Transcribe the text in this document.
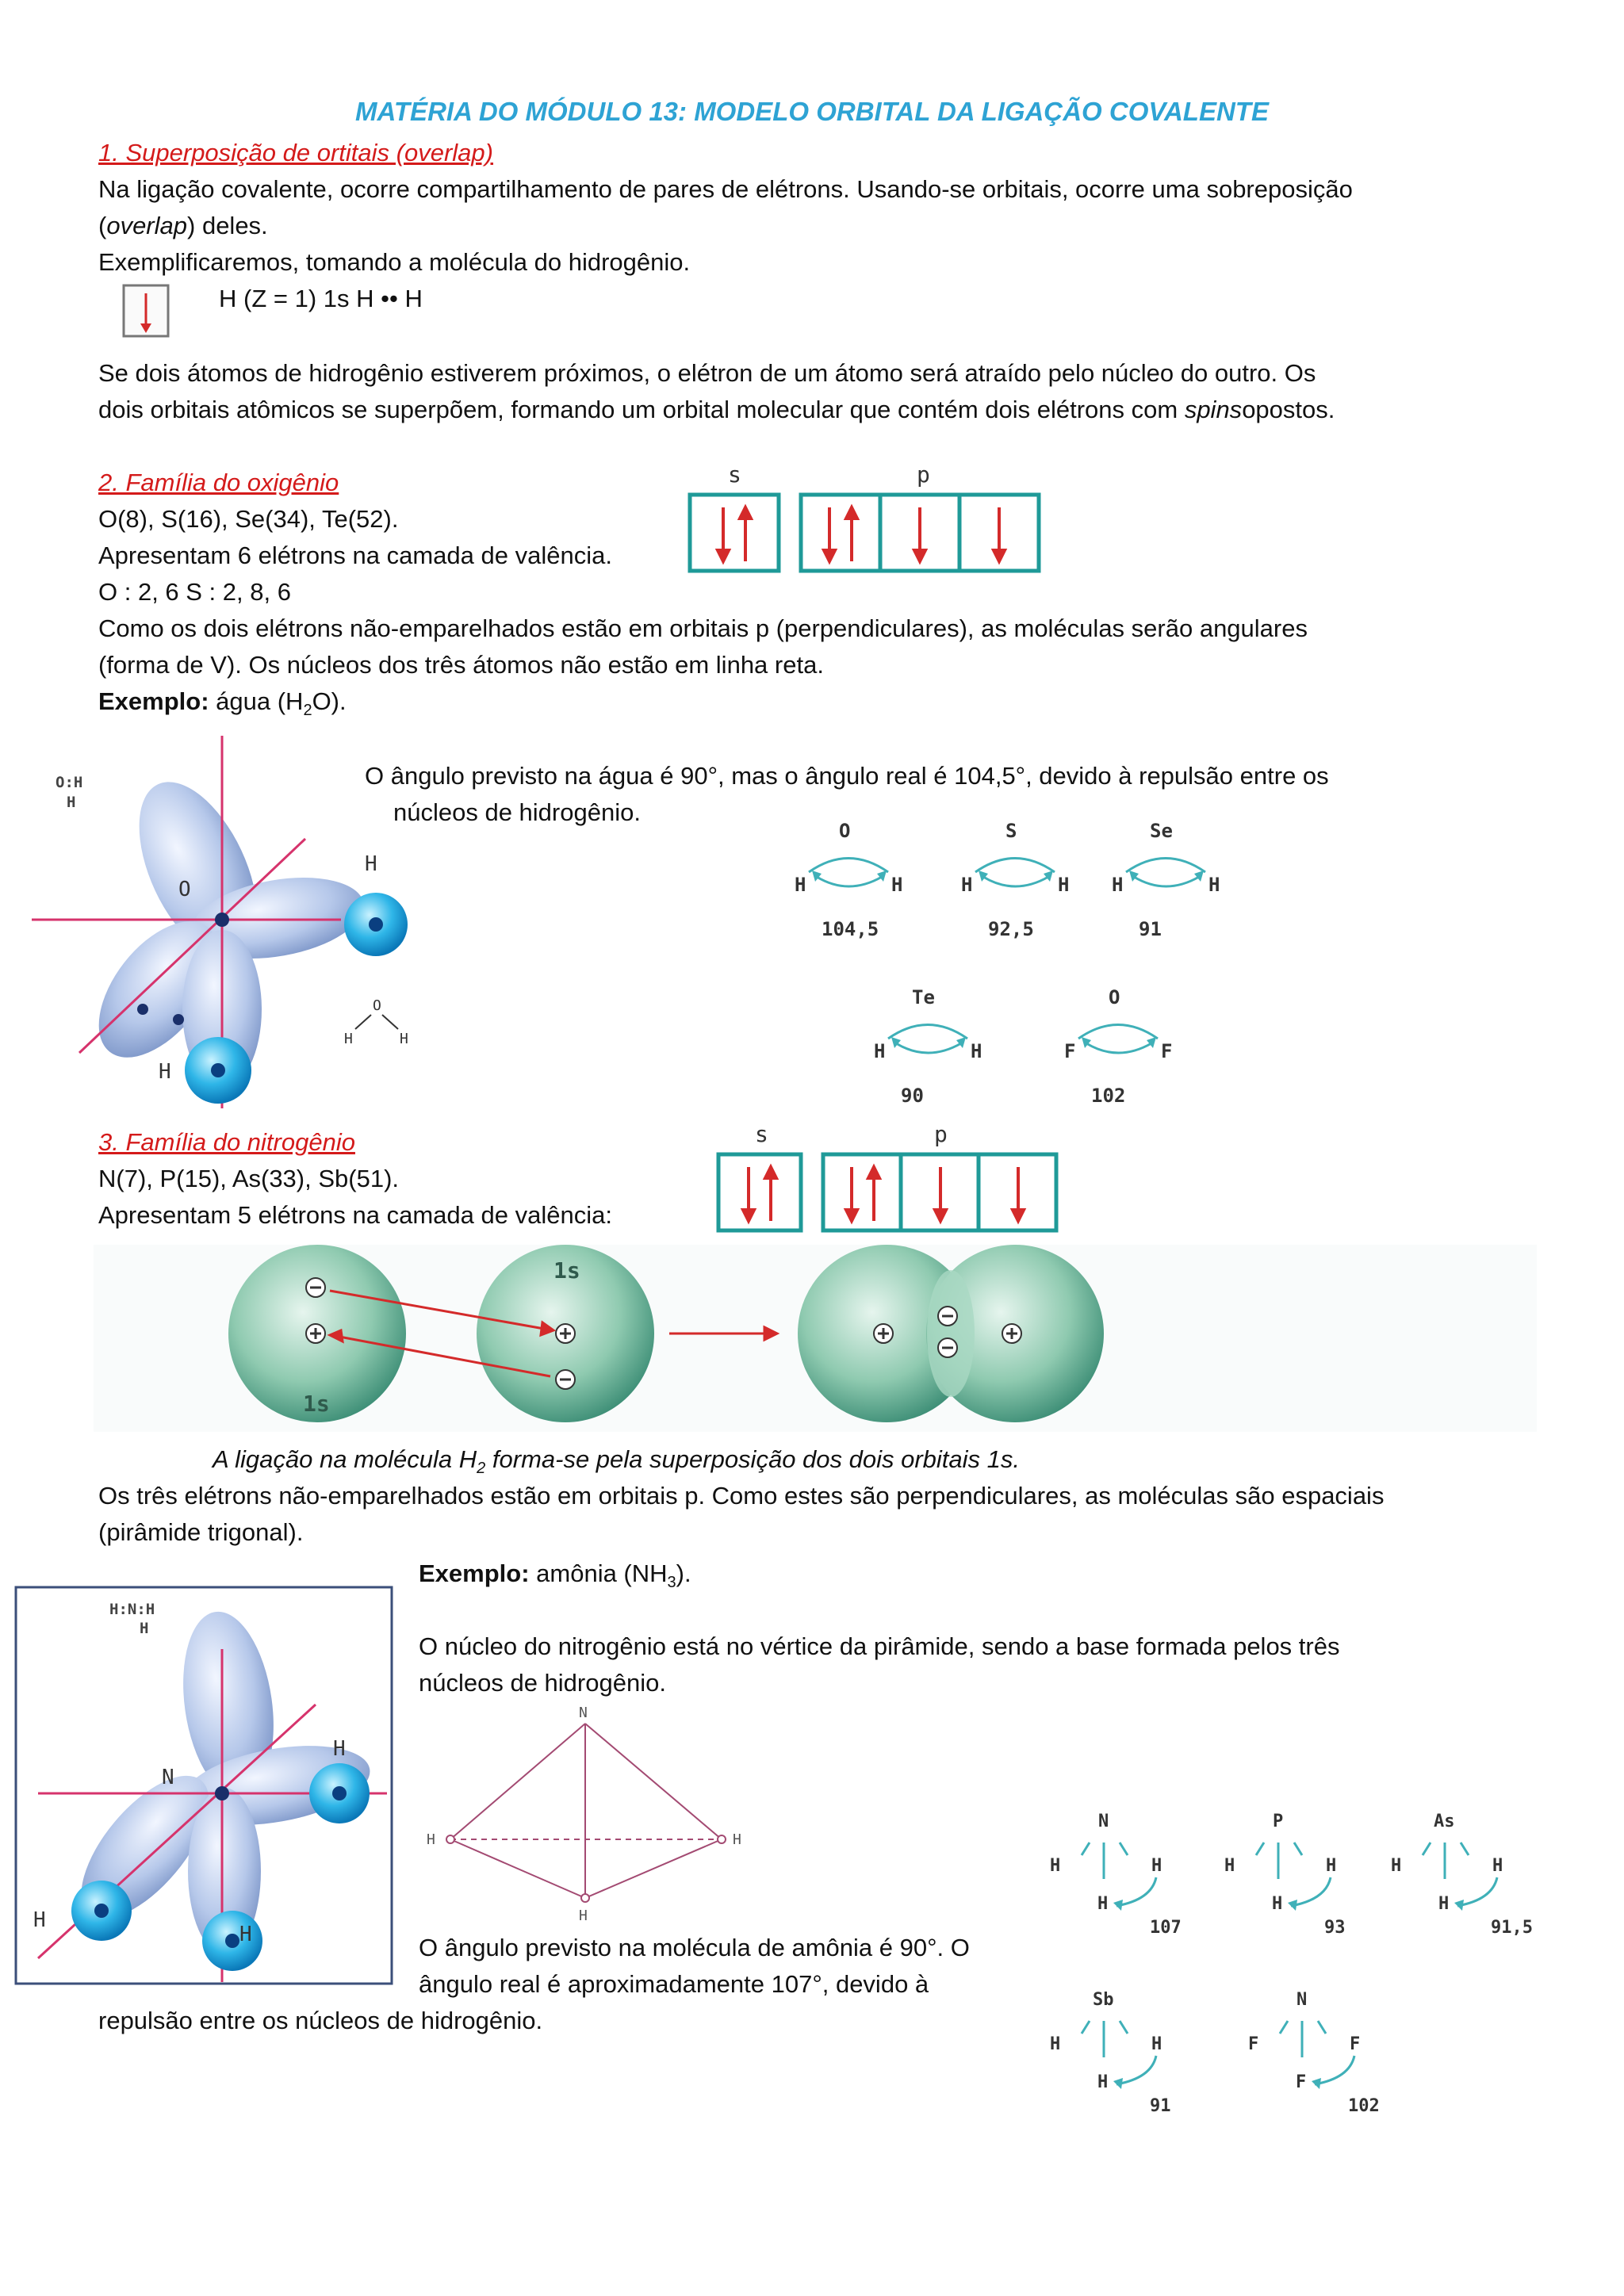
MATÉRIA DO MÓDULO 13: MODELO ORBITAL DA LIGAÇÃO COVALENTE
1. Superposição de ortitais (overlap)
Na ligação covalente, ocorre compartilhamento de pares de elétrons. Usando-se orbitais, ocorre uma sobreposição
(overlap) deles.
Exemplificaremos, tomando a molécula do hidrogênio.
H (Z = 1) 1s H •• H
Se dois átomos de hidrogênio estiverem próximos, o elétron de um átomo será atraído pelo núcleo do outro. Os
dois orbitais atômicos se superpõem, formando um orbital molecular que contém dois elétrons com spinsopostos.
2. Família do oxigênio
O(8), S(16), Se(34), Te(52).
Apresentam 6 elétrons na camada de valência.
O : 2, 6 S : 2, 8, 6
Como os dois elétrons não-emparelhados estão em orbitais p (perpendiculares), as moléculas serão angulares
(forma de V). Os núcleos dos três átomos não estão em linha reta.
Exemplo: água $(H_2O)$.
s	p
O
H
H
O:H
H
O
H	H
O ângulo previsto na água é 90°, mas o ângulo real é 104,5°, devido à repulsão entre os
núcleos de hidrogênio.
O
H	H
104,5
S
H	H
92,5
Se
H	H
91
Te
H	H
90
O
F	F
102
3. Família do nitrogênio
N(7), P(15), As(33), Sb(51).
Apresentam 5 elétrons na camada de valência:
s	p
1s
1s
A ligação na molécula $H_2$ forma-se pela superposição dos dois orbitais 1s.
Os três elétrons não-emparelhados estão em orbitais p. Como estes são perpendiculares, as moléculas são espaciais
(pirâmide trigonal).
Exemplo: amônia $(NH_3)$.
O núcleo do nitrogênio está no vértice da pirâmide, sendo a base formada pelos três
núcleos de hidrogênio.
N
H
H
H
H:N:H
H
N
H	H
H
O ângulo previsto na molécula de amônia é 90°. O
ângulo real é aproximadamente 107°, devido à
repulsão entre os núcleos de hidrogênio.
N
H	H
H
107
P
H	H
H
93
As
H	H
H
91,5
Sb
H	H
H
91
N
F	F
F
102
